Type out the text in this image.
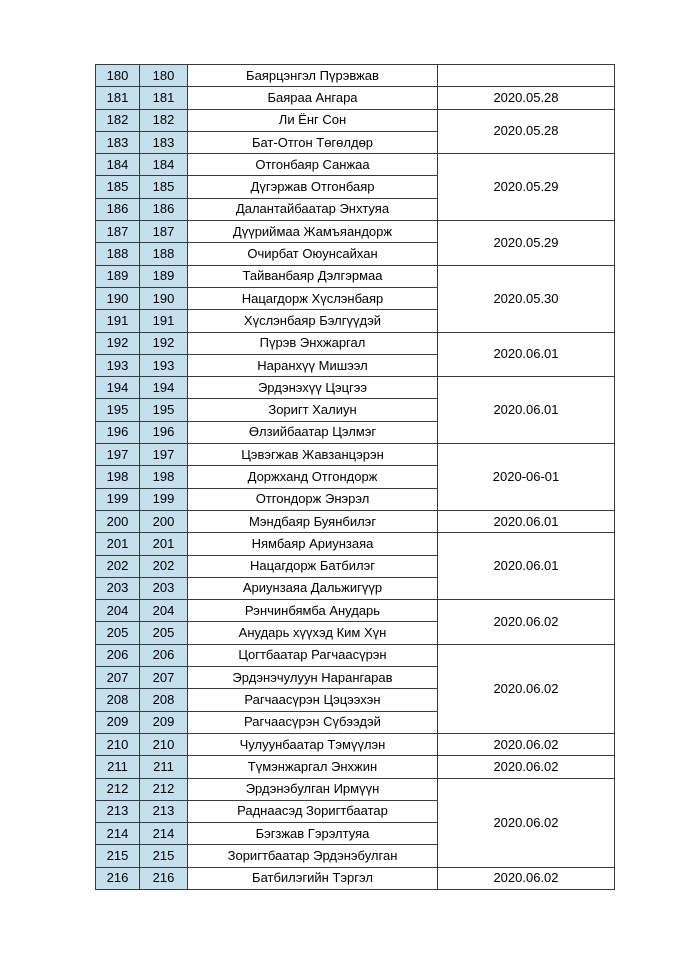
180	180	Баярцэнгэл Пүрэвжав	
181	181	Баяраа Ангара	2020.05.28
182	182	Ли Ёнг Сон	2020.05.28
183	183	Бат-Отгон Төгөлдөр	
184	184	Отгонбаяр Санжаа	2020.05.29
185	185	Дүгэржав Отгонбаяр	
186	186	Далантайбаатар Энхтуяа	
187	187	Дүүриймаа Жамъяандорж	2020.05.29
188	188	Очирбат Оюунсайхан	
189	189	Тайванбаяр Дэлгэрмаа	2020.05.30
190	190	Нацагдорж Хүслэнбаяр	
191	191	Хүслэнбаяр Бэлгүүдэй	
192	192	Пүрэв Энхжаргал	2020.06.01
193	193	Наранхүү Мишээл	
194	194	Эрдэнэхүү Цэцгээ	2020.06.01
195	195	Зоригт Халиун	
196	196	Өлзийбаатар Цэлмэг	
197	197	Цэвэгжав Жавзанцэрэн	2020-06-01
198	198	Доржханд Отгондорж	
199	199	Отгондорж Энэрэл	
200	200	Мэндбаяр Буянбилэг	2020.06.01
201	201	Нямбаяр Ариунзаяа	2020.06.01
202	202	Нацагдорж Батбилэг	
203	203	Ариунзаяа Дальжигүүр	
204	204	Рэнчинбямба Анударь	2020.06.02
205	205	Анударь хүүхэд Ким Хүн	
206	206	Цогтбаатар Рагчаасүрэн	2020.06.02
207	207	Эрдэнэчулуун Нарангарав	
208	208	Рагчаасүрэн Цэцээхэн	
209	209	Рагчаасүрэн Сүбээдэй	
210	210	Чулуунбаатар Тэмүүлэн	2020.06.02
211	211	Түмэнжаргал Энхжин	2020.06.02
212	212	Эрдэнэбулган Ирмүүн	2020.06.02
213	213	Раднаасэд Зоригтбаатар	
214	214	Бэгзжав Гэрэлтуяа	
215	215	Зоригтбаатар Эрдэнэбулган	
216	216	Батбилэгийн Тэргэл	2020.06.02
